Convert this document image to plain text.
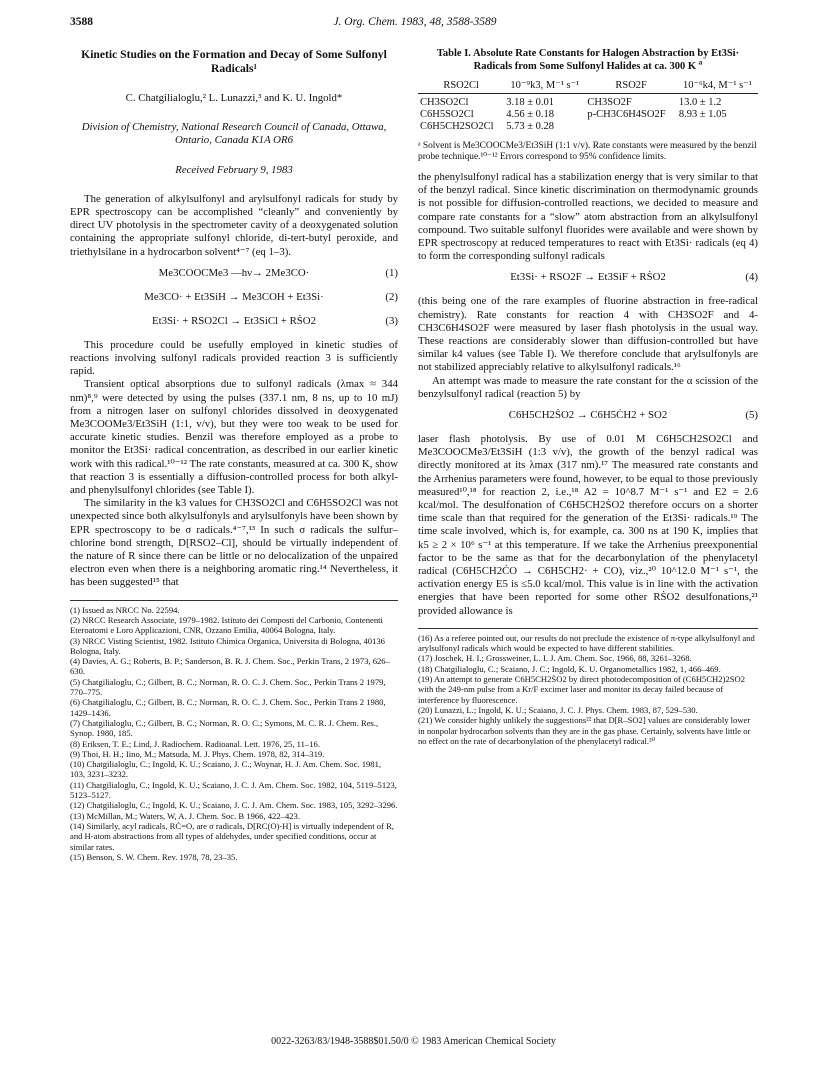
3588	J. Org. Chem. 1983, 48, 3588-3589
Kinetic Studies on the Formation and Decay of Some Sulfonyl Radicals¹
C. Chatgilialoglu,² L. Lunazzi,³ and K. U. Ingold*
Division of Chemistry, National Research Council of Canada, Ottawa, Ontario, Canada K1A OR6
Received February 9, 1983

The generation of alkylsulfonyl and arylsulfonyl radicals for study by EPR spectroscopy can be accomplished “cleanly” and conveniently by direct UV photolysis in the spectrometer cavity of a deoxygenated solution containing the appropriate sulfonyl chloride, di-tert-butyl peroxide, and triethylsilane in a hydrocarbon solvent⁴⁻⁷ (eq 1–3).

Me3COOCMe3 —hν→ 2Me3CO·	(1)
Me3CO· + Et3SiH → Me3COH + Et3Si·	(2)
Et3Si· + RSO2Cl → Et3SiCl + RṠO2	(3)

This procedure could be usefully employed in kinetic studies of reactions involving sulfonyl radicals provided reaction 3 is sufficiently rapid.

Transient optical absorptions due to sulfonyl radicals (λmax ≈ 344 nm)⁸,⁹ were detected by using the pulses (337.1 nm, 8 ns, up to 10 mJ) from a nitrogen laser on sulfonyl chlorides dissolved in deoxygenated Me3COOMe3/Et3SiH (1:1, v/v), but they were too weak to be used for accurate kinetic studies. Benzil was therefore employed as a probe to monitor the Et3Si· radical concentration, as described in our earlier kinetic work with this radical.¹⁰⁻¹² The rate constants, measured at ca. 300 K, show that reaction 3 is essentially a diffusion-controlled process for both alkyl- and phenylsulfonyl chlorides (see Table I).

The similarity in the k3 values for CH3SO2Cl and C6H5SO2Cl was not unexpected since both alkylsulfonyls and arylsulfonyls have been shown by EPR spectroscopy to be σ radicals.⁴⁻⁷,¹³ In such σ radicals the sulfur–chlorine bond strength, D[RSO2–Cl], should be virtually independent of the nature of R since there can be little or no delocalization of the unpaired electron even when there is a neighboring aromatic ring.¹⁴ Nevertheless, it has been suggested¹⁵ that

(1) Issued as NRCC No. 22594.

(2) NRCC Research Associate, 1979–1982. Istituto dei Composti del Carbonio, Contenenti Eteroatomi e Loro Applicazioni, CNR, Ozzano Emilia, 40064 Bologna, Italy.

(3) NRCC Visting Scientist, 1982. Istituto Chimica Organica, Universita di Bologna, 40136 Bologna, Italy.

(4) Davies, A. G.; Roberts, B. P.; Sanderson, B. R. J. Chem. Soc., Perkin Trans, 2 1973, 626–630.

(5) Chatgilialoglu, C.; Gilbert, B. C.; Norman, R. O. C. J. Chem. Soc., Perkin Trans 2 1979, 770–775.

(6) Chatgilialoglu, C.; Gilbert, B. C.; Norman, R. O. C. J. Chem. Soc., Perkin Trans 2 1980, 1429–1436.

(7) Chatgilialoglu, C.; Gilbert, B. C.; Norman, R. O. C.; Symons, M. C. R. J. Chem. Res., Synop. 1980, 185.

(8) Eriksen, T. E.; Lind, J. Radiochem. Radioanal. Lett. 1976, 25, 11–16.

(9) Thoi, H. H.; Iino, M.; Matsuda, M. J. Phys. Chem. 1978, 82, 314–319.

(10) Chatgilialoglu, C.; Ingold, K. U.; Scaiano, J. C.; Woynar, H. J. Am. Chem. Soc. 1981, 103, 3231–3232.

(11) Chatgilialoglu, C.; Ingold, K. U.; Scaiano, J. C. J. Am. Chem. Soc. 1982, 104, 5119–5123, 5123–5127.

(12) Chatgilialoglu, C.; Ingold, K. U.; Scaiano, J. C. J. Am. Chem. Soc. 1983, 105, 3292–3296.

(13) McMillan, M.; Waters, W, A. J. Chem. Soc. B 1966, 422–423.

(14) Similarly, acyl radicals, RĊ=O, are σ radicals, D[RC(O)-H] is virtually independent of R, and H-atom abstractions from all types of aldehydes, under specified conditions, occur at similar rates.

(15) Benson, S. W. Chem. Rev. 1978, 78, 23–35.

Table I. Absolute Rate Constants for Halogen Abstraction by Et3Si· Radicals from Some Sulfonyl Halides at ca. 300 K $^a$
RSO2Cl	10⁻⁹k3, M⁻¹ s⁻¹	RSO2F	10⁻⁶k4, M⁻¹ s⁻¹
CH3SO2Cl	3.18 ± 0.01	CH3SO2F	13.0 ± 1.2
C6H5SO2Cl	4.56 ± 0.18	p-CH3C6H4SO2F	8.93 ± 1.05
C6H5CH2SO2Cl	5.73 ± 0.28		

ᵃ Solvent is Me3COOCMe3/Et3SiH (1:1 v/v). Rate constants were measured by the benzil probe technique.¹⁰⁻¹² Errors correspond to 95% confidence limits.

the phenylsulfonyl radical has a stabilization energy that is very similar to that of the benzyl radical. Since kinetic discrimination on thermodynamic grounds is not possible for diffusion-controlled reactions, we decided to measure and compare rate constants for a “slow” atom abstraction from an alkylsulfonyl compound. Two suitable sulfonyl fluorides were available and were shown by EPR spectroscopy at reduced temperatures to react with Et3Si· radicals (eq 4) to form the corresponding sulfonyl radicals

Et3Si· + RSO2F → Et3SiF + RṠO2	(4)

(this being one of the rare examples of fluorine abstraction in free-radical chemistry). Rate constants for reaction 4 with CH3SO2F and 4-CH3C6H4SO2F were measured by laser flash photolysis in the usual way. These reactions are considerably slower than diffusion-controlled but have similar k4 values (see Table I). We therefore conclude that arylsulfonyls are not stabilized appreciably relative to alkylsulfonyl radicals.¹⁶

An attempt was made to measure the rate constant for the α scission of the benzylsulfonyl radical (reaction 5) by

C6H5CH2ṠO2 → C6H5ĊH2 + SO2	(5)

laser flash photolysis. By use of 0.01 M C6H5CH2SO2Cl and Me3COOCMe3/Et3SiH (1:3 v/v), the growth of the benzyl radical was directly monitored at its λmax (317 nm).¹⁷ The measured rate constants and the Arrhenius parameters were found, however, to be equal to those previously measured¹⁰,¹⁸ for reaction 2, i.e.,¹⁸ A2 = 10^8.7 M⁻¹ s⁻¹ and E2 = 2.6 kcal/mol. The desulfonation of C6H5CH2ṠO2 therefore occurs on a shorter time scale than that required for the generation of the Et3Si· radicals.¹⁹ The time scale involved, which is, for example, ca. 300 ns at 190 K, implies that k5 ≥ 2 × 10⁶ s⁻¹ at this temperature. If we take the Arrhenius preexponential factor to be the same as that for the decarbonylation of the phenylacetyl radical (C6H5CH2ĊO → C6H5CH2· + CO), viz.,²⁰ 10^12.0 M⁻¹ s⁻¹, the activation energy E5 is ≤5.0 kcal/mol. This value is in line with the activation energies that have been reported for some other RṠO2 desulfonations,²¹ provided allowance is

(16) As a referee pointed out, our results do not preclude the existence of π-type alkylsulfonyl and arylsulfonyl radicals which would be expected to have different stabilities.

(17) Joschek, H. I.; Grossweiner, L. I. J. Am. Chem. Soc. 1966, 88, 3261–3268.

(18) Chatgilialoglu, C.; Scaiano, J. C.; Ingold, K. U. Organometallics 1982, 1, 466–469.

(19) An attempt to generate C6H5CH2ṠO2 by direct photodecomposition of (C6H5CH2)2SO2 with the 249-nm pulse from a Kr/F excimer laser and monitor its decay failed because of interference by fluorescence.

(20) Lunazzi, L.; Ingold, K. U.; Scaiano, J. C. J. Phys. Chem. 1983, 87, 529–530.

(21) We consider highly unlikely the suggestions²² that D[R–SO2] values are considerably lower in nonpolar hydrocarbon solvents than they are in the gas phase. Certainly, solvents have little or no effect on the rate of decarbonylation of the phenylacetyl radical.²⁰

0022-3263/83/1948-3588$01.50/0 © 1983 American Chemical Society
